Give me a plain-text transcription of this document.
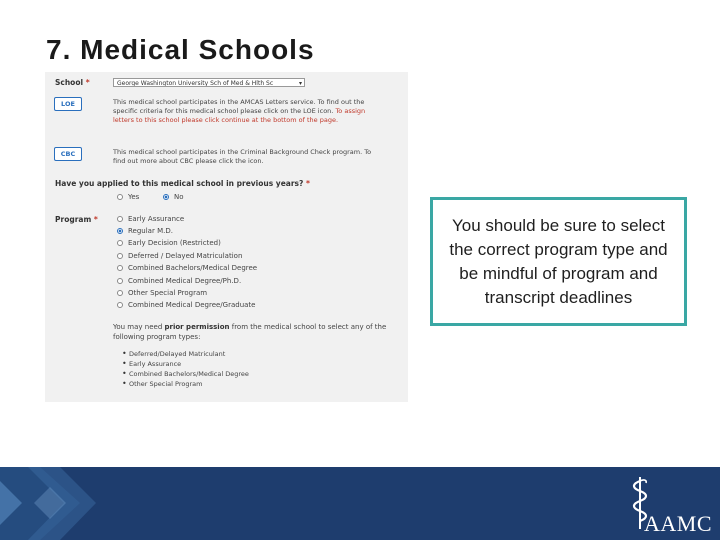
7. Medical Schools
School *	George Washington University Sch of Med & Hlth Sc	▾
LOE	This medical school participates in the AMCAS Letters service. To find out the specific criteria for this medical school please click on the LOE icon. To assign letters to this school please click continue at the bottom of the page.
CBC	This medical school participates in the Criminal Background Check program. To find out more about CBC please click the icon.
Have you applied to this medical school in previous years? *
Yes	No
Program *	Early Assurance
Regular M.D.
Early Decision (Restricted)
Deferred / Delayed Matriculation
Combined Bachelors/Medical Degree
Combined Medical Degree/Ph.D.
Other Special Program
Combined Medical Degree/Graduate
You may need prior permission from the medical school to select any of the following program types:
• Deferred/Delayed Matriculant
• Early Assurance
• Combined Bachelors/Medical Degree
• Other Special Program
You should be sure to select the correct program type and be mindful of program and transcript deadlines
AAMC
